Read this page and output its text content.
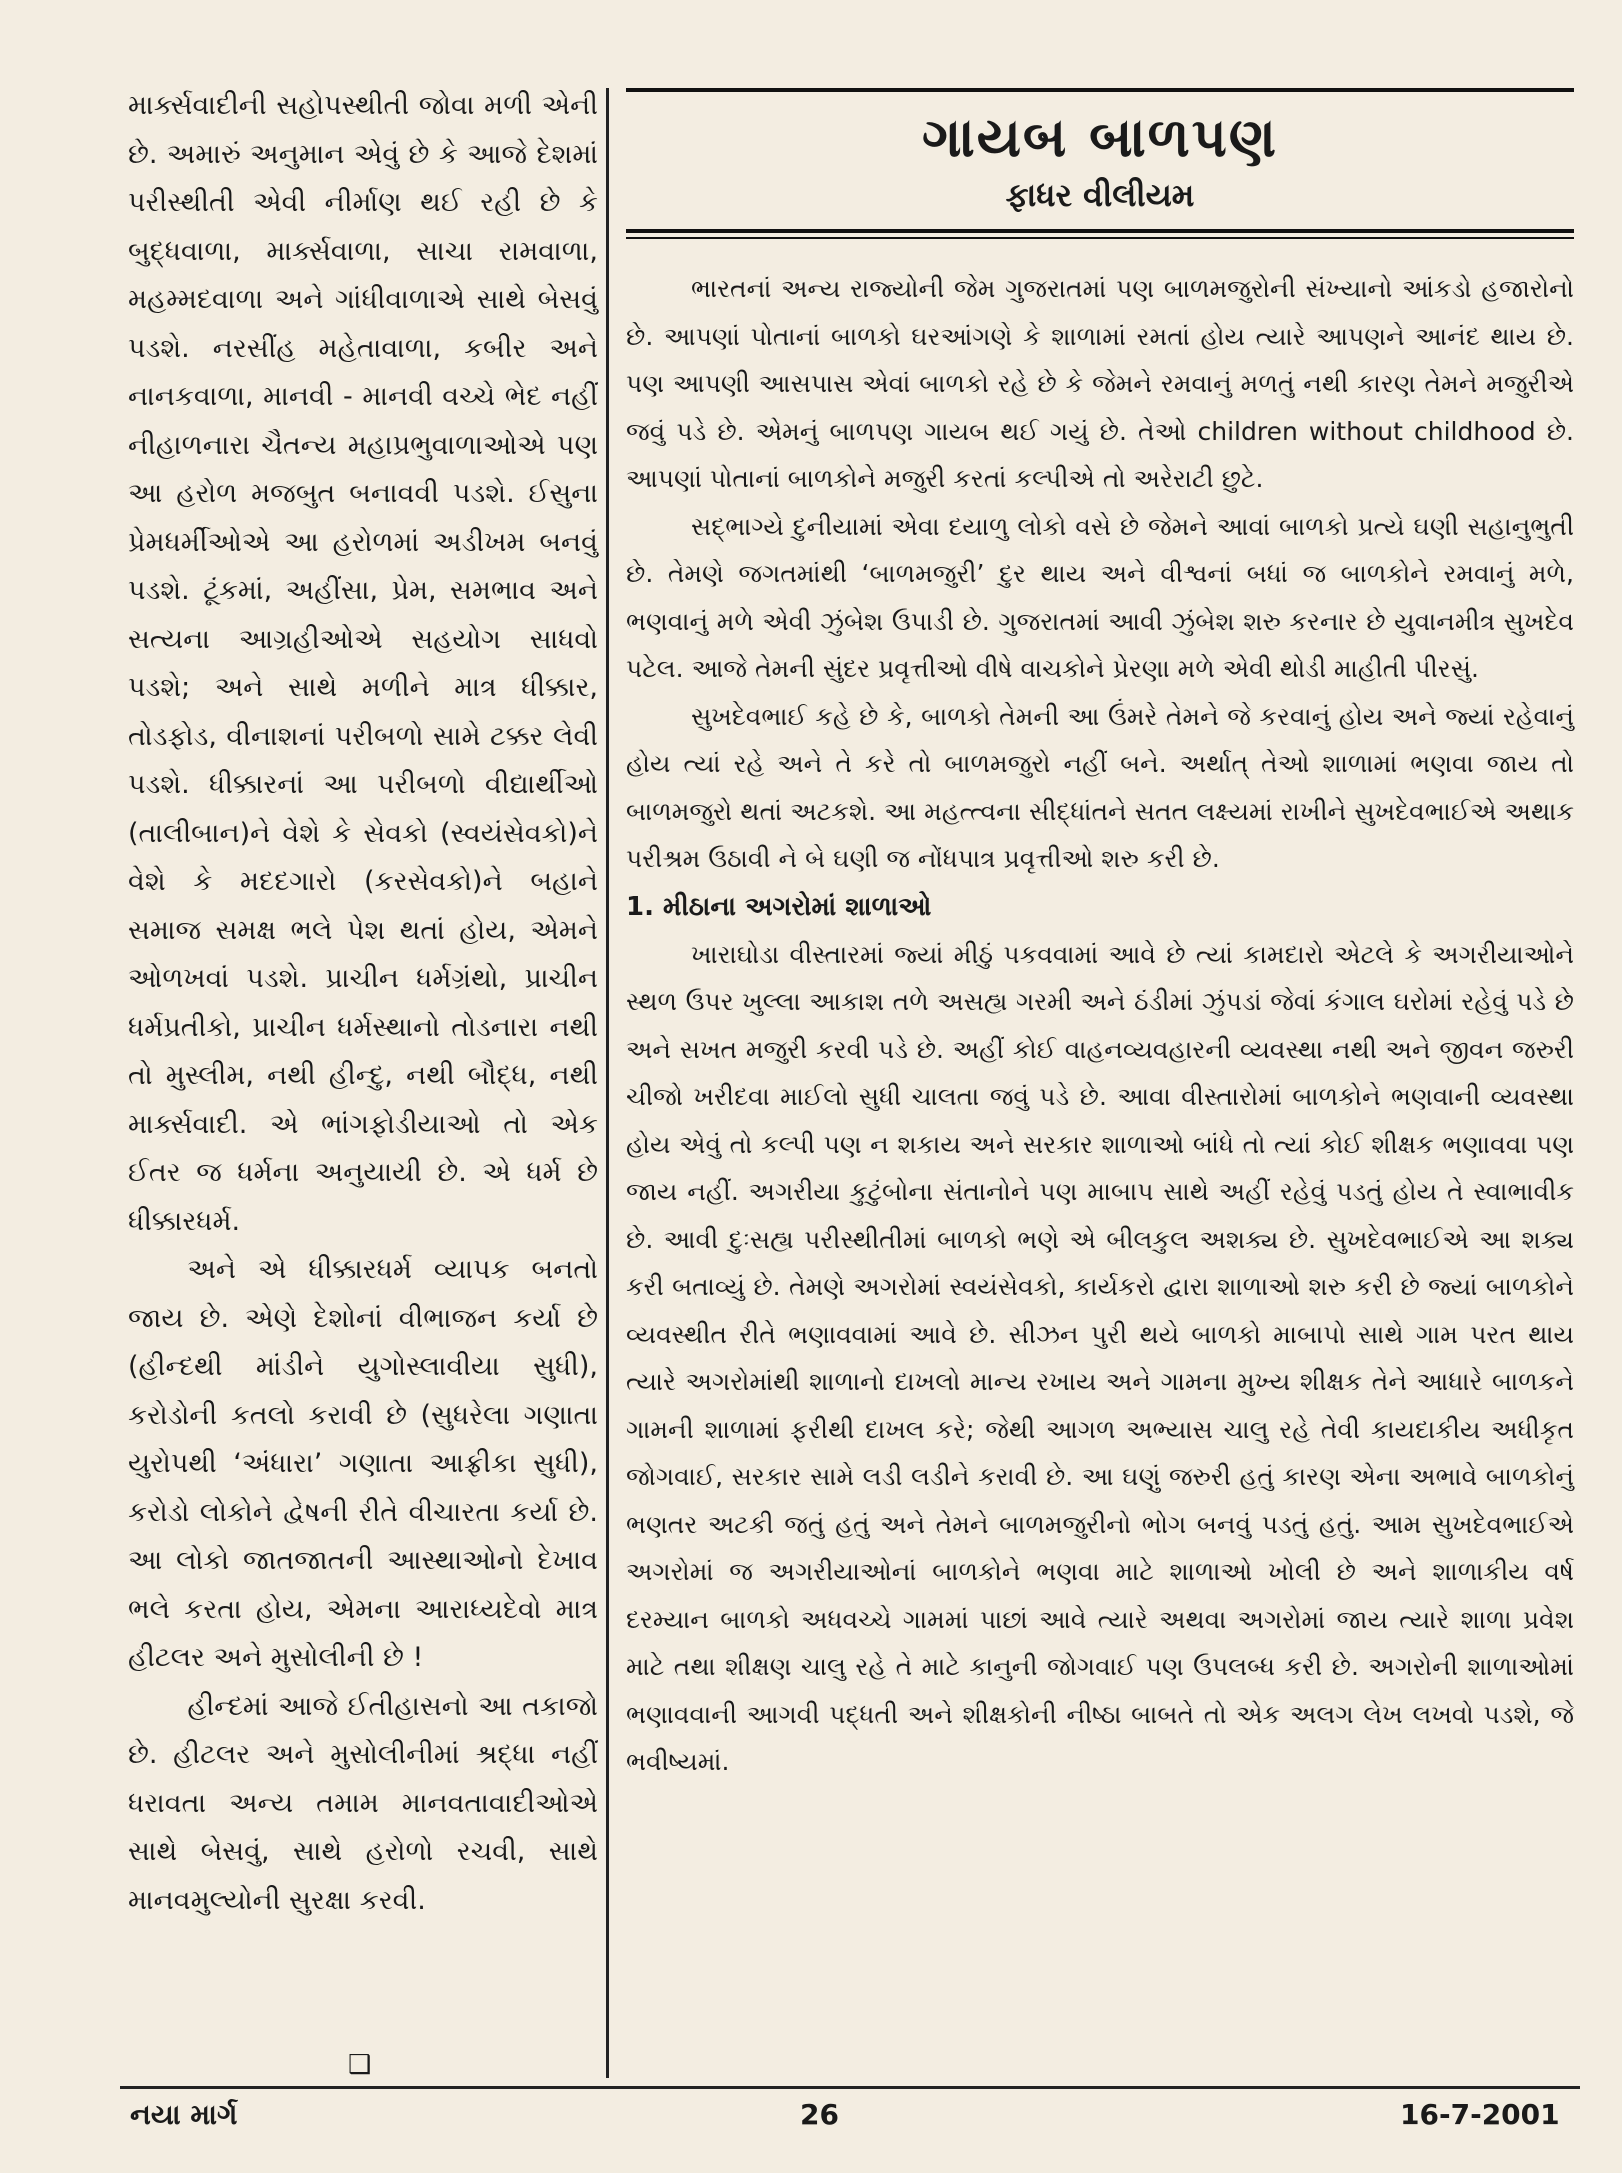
માર્ક્સવાદીની સહોપસ્થીતી જોવા મળી એની છે. અમારું અનુમાન એવું છે કે આજે દેશમાં પરીસ્થીતી એવી નીર્માણ થઈ રહી છે કે બુદ્ધવાળા, માર્ક્સવાળા, સાચા રામવાળા, મહમ્મદવાળા અને ગાંધીવાળાએ સાથે બેસવું પડશે. નરસીંહ મહેતાવાળા, કબીર અને નાનકવાળા, માનવી - માનવી વચ્ચે ભેદ નહીં નીહાળનારા ચૈતન્ય મહાપ્રભુવાળાઓએ પણ આ હરોળ મજબુત બનાવવી પડશે. ઈસુના પ્રેમધર્મીઓએ આ હરોળમાં અડીખમ બનવું પડશે. ટૂંકમાં, અહીંસા, પ્રેમ, સમભાવ અને સત્યના આગ્રહીઓએ સહયોગ સાધવો પડશે; અને સાથે મળીને માત્ર ધીક્કાર, તોડફોડ, વીનાશનાં પરીબળો સામે ટક્કર લેવી પડશે. ધીક્કારનાં આ પરીબળો વીદ્યાર્થીઓ (તાલીબાન)ને વેશે કે સેવકો (સ્વયંસેવકો)ને વેશે કે મદદગારો (કરસેવકો)ને બહાને સમાજ સમક્ષ ભલે પેશ થતાં હોય, એમને ઓળખવાં પડશે. પ્રાચીન ધર્મગ્રંથો, પ્રાચીન ધર્મપ્રતીકો, પ્રાચીન ધર્મસ્થાનો તોડનારા નથી તો મુસ્લીમ, નથી હીન્દુ, નથી બૌદ્ધ, નથી માર્ક્સવાદી. એ ભાંગફોડીયાઓ તો એક ઈતર જ ધર્મના અનુયાયી છે. એ ધર્મ છે ધીક્કારધર્મ.

અને એ ધીક્કારધર્મ વ્યાપક બનતો જાય છે. એણે દેશોનાં વીભાજન કર્યા છે (હીન્દથી માંડીને યુગોસ્લાવીયા સુધી), કરોડોની કતલો કરાવી છે (સુધરેલા ગણાતા યુરોપથી ‘અંધારા’ ગણાતા આફ્રીકા સુધી), કરોડો લોકોને દ્વેષની રીતે વીચારતા કર્યા છે. આ લોકો જાતજાતની આસ્થાઓનો દેખાવ ભલે કરતા હોય, એમના આરાધ્યદેવો માત્ર હીટલર અને મુસોલીની છે !

હીન્દમાં આજે ઈતીહાસનો આ તકાજો છે. હીટલર અને મુસોલીનીમાં શ્રદ્ધા નહીં ધરાવતા અન્ય તમામ માનવતાવાદીઓએ સાથે બેસવું, સાથે હરોળો રચવી, સાથે માનવમુલ્યોની સુરક્ષા કરવી.

❑
ગાયબ બાળપણ
ફાધર વીલીયમ

ભારતનાં અન્ય રાજ્યોની જેમ ગુજરાતમાં પણ બાળમજુરોની સંખ્યાનો આંકડો હજારોનો છે. આપણાં પોતાનાં બાળકો ઘરઆંગણે કે શાળામાં રમતાં હોય ત્યારે આપણને આનંદ થાય છે. પણ આપણી આસપાસ એવાં બાળકો રહે છે કે જેમને રમવાનું મળતું નથી કારણ તેમને મજુરીએ જવું પડે છે. એમનું બાળપણ ગાયબ થઈ ગયું છે. તેઓ children without childhood છે. આપણાં પોતાનાં બાળકોને મજુરી કરતાં કલ્પીએ તો અરેરાટી છુટે.

સદ્ભાગ્યે દુનીયામાં એવા દયાળુ લોકો વસે છે જેમને આવાં બાળકો પ્રત્યે ઘણી સહાનુભુતી છે. તેમણે જગતમાંથી ‘બાળમજુરી’ દુર થાય અને વીશ્વનાં બધાં જ બાળકોને રમવાનું મળે, ભણવાનું મળે એવી ઝુંબેશ ઉપાડી છે. ગુજરાતમાં આવી ઝુંબેશ શરુ કરનાર છે યુવાનમીત્ર સુખદેવ પટેલ. આજે તેમની સુંદર પ્રવૃત્તીઓ વીષે વાચકોને પ્રેરણા મળે એવી થોડી માહીતી પીરસું.

સુખદેવભાઈ કહે છે કે, બાળકો તેમની આ ઉંમરે તેમને જે કરવાનું હોય અને જ્યાં રહેવાનું હોય ત્યાં રહે અને તે કરે તો બાળમજુરો નહીં બને. અર્થાત્ તેઓ શાળામાં ભણવા જાય તો બાળમજુરો થતાં અટકશે. આ મહત્ત્વના સીદ્ધાંતને સતત લક્ષ્યમાં રાખીને સુખદેવભાઈએ અથાક પરીશ્રમ ઉઠાવી ને બે ઘણી જ નોંધપાત્ર પ્રવૃત્તીઓ શરુ કરી છે.

1. મીઠાના અગરોમાં શાળાઓ

ખારાઘોડા વીસ્તારમાં જ્યાં મીઠું પકવવામાં આવે છે ત્યાં કામદારો એટલે કે અગરીયાઓને સ્થળ ઉપર ખુલ્લા આકાશ તળે અસહ્ય ગરમી અને ઠંડીમાં ઝુંપડાં જેવાં કંગાલ ઘરોમાં રહેવું પડે છે અને સખત મજુરી કરવી પડે છે. અહીં કોઈ વાહનવ્યવહારની વ્યવસ્થા નથી અને જીવન જરુરી ચીજો ખરીદવા માઈલો સુધી ચાલતા જવું પડે છે. આવા વીસ્તારોમાં બાળકોને ભણવાની વ્યવસ્થા હોય એવું તો કલ્પી પણ ન શકાય અને સરકાર શાળાઓ બાંધે તો ત્યાં કોઈ શીક્ષક ભણાવવા પણ જાય નહીં. અગરીયા કુટુંબોના સંતાનોને પણ માબાપ સાથે અહીં રહેવું પડતું હોય તે સ્વાભાવીક છે. આવી દુઃસહ્ય પરીસ્થીતીમાં બાળકો ભણે એ બીલકુલ અશક્ય છે. સુખદેવભાઈએ આ શક્ય કરી બતાવ્યું છે. તેમણે અગરોમાં સ્વયંસેવકો, કાર્યકરો દ્વારા શાળાઓ શરુ કરી છે જ્યાં બાળકોને વ્યવસ્થીત રીતે ભણાવવામાં આવે છે. સીઝન પુરી થયે બાળકો માબાપો સાથે ગામ પરત થાય ત્યારે અગરોમાંથી શાળાનો દાખલો માન્ય રખાય અને ગામના મુખ્ય શીક્ષક તેને આધારે બાળકને ગામની શાળામાં ફરીથી દાખલ કરે; જેથી આગળ અભ્યાસ ચાલુ રહે તેવી કાયદાકીય અધીકૃત જોગવાઈ, સરકાર સામે લડી લડીને કરાવી છે. આ ઘણું જરુરી હતું કારણ એના અભાવે બાળકોનું ભણતર અટકી જતું હતું અને તેમને બાળમજુરીનો ભોગ બનવું પડતું હતું. આમ સુખદેવભાઈએ અગરોમાં જ અગરીયાઓનાં બાળકોને ભણવા માટે શાળાઓ ખોલી છે અને શાળાકીય વર્ષ દરમ્યાન બાળકો અધવચ્ચે ગામમાં પાછાં આવે ત્યારે અથવા અગરોમાં જાય ત્યારે શાળા પ્રવેશ માટે તથા શીક્ષણ ચાલુ રહે તે માટે કાનુની જોગવાઈ પણ ઉપલબ્ધ કરી છે. અગરોની શાળાઓમાં ભણાવવાની આગવી પદ્ધતી અને શીક્ષકોની નીષ્ઠા બાબતે તો એક અલગ લેખ લખવો પડશે, જે ભવીષ્યમાં.

નયા માર્ગ	26	16-7-2001
